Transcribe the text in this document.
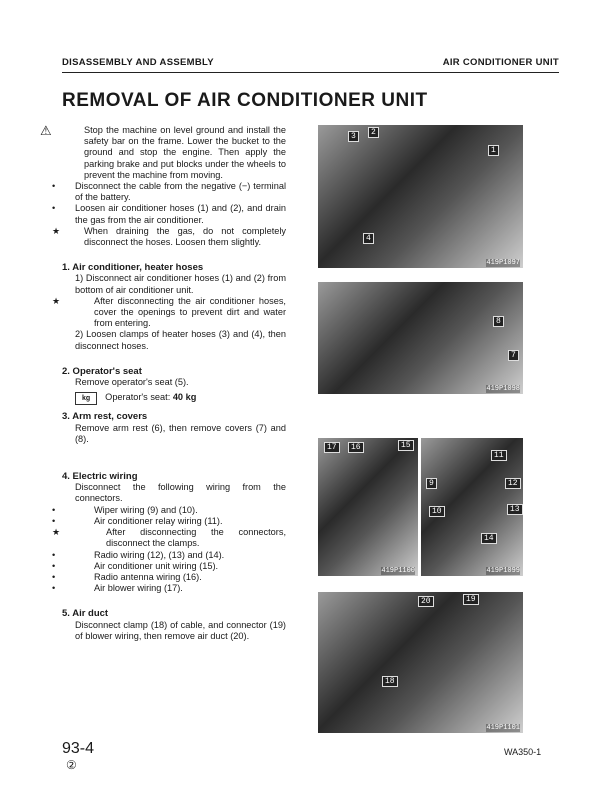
DISASSEMBLY AND ASSEMBLY	AIR CONDITIONER UNIT
REMOVAL OF AIR CONDITIONER UNIT

⚠	Stop the machine on level ground and install the safety bar on the frame. Lower the bucket to the ground and stop the engine. Then apply the parking brake and put blocks under the wheels to prevent the machine from moving.

• Disconnect the cable from the negative (−) terminal of the battery.

• Loosen air conditioner hoses (1) and (2), and drain the gas from the air conditioner.

★	When draining the gas, do not completely disconnect the hoses. Loosen them slightly.

1. Air conditioner, heater hoses

1) Disconnect air conditioner hoses (1) and (2) from bottom of air conditioner unit.

★	After disconnecting the air conditioner hoses, cover the openings to prevent dirt and water from entering.

2) Loosen clamps of heater hoses (3) and (4), then disconnect hoses.

2. Operator's seat

Remove operator's seat (5).

kg Operator's seat: 40 kg

3. Arm rest, covers

Remove arm rest (6), then remove covers (7) and (8).

4. Electric wiring

Disconnect the following wiring from the connectors.

•	Wiper wiring (9) and (10).

•	Air conditioner relay wiring (11).

★	After disconnecting the connectors, disconnect the clamps.

•	Radio wiring (12), (13) and (14).

•	Air conditioner unit wiring (15).

•	Radio antenna wiring (16).

•	Air blower wiring (17).

5. Air duct

Disconnect clamp (18) of cable, and connector (19) of blower wiring, then remove air duct (20).

3	2
1
4
419P1097
8
7
419P1098
17	16	15
419P1100
11
9	12
10	13
14
419P1099
20	19
18
419P1101
93-4
②
WA350-1
